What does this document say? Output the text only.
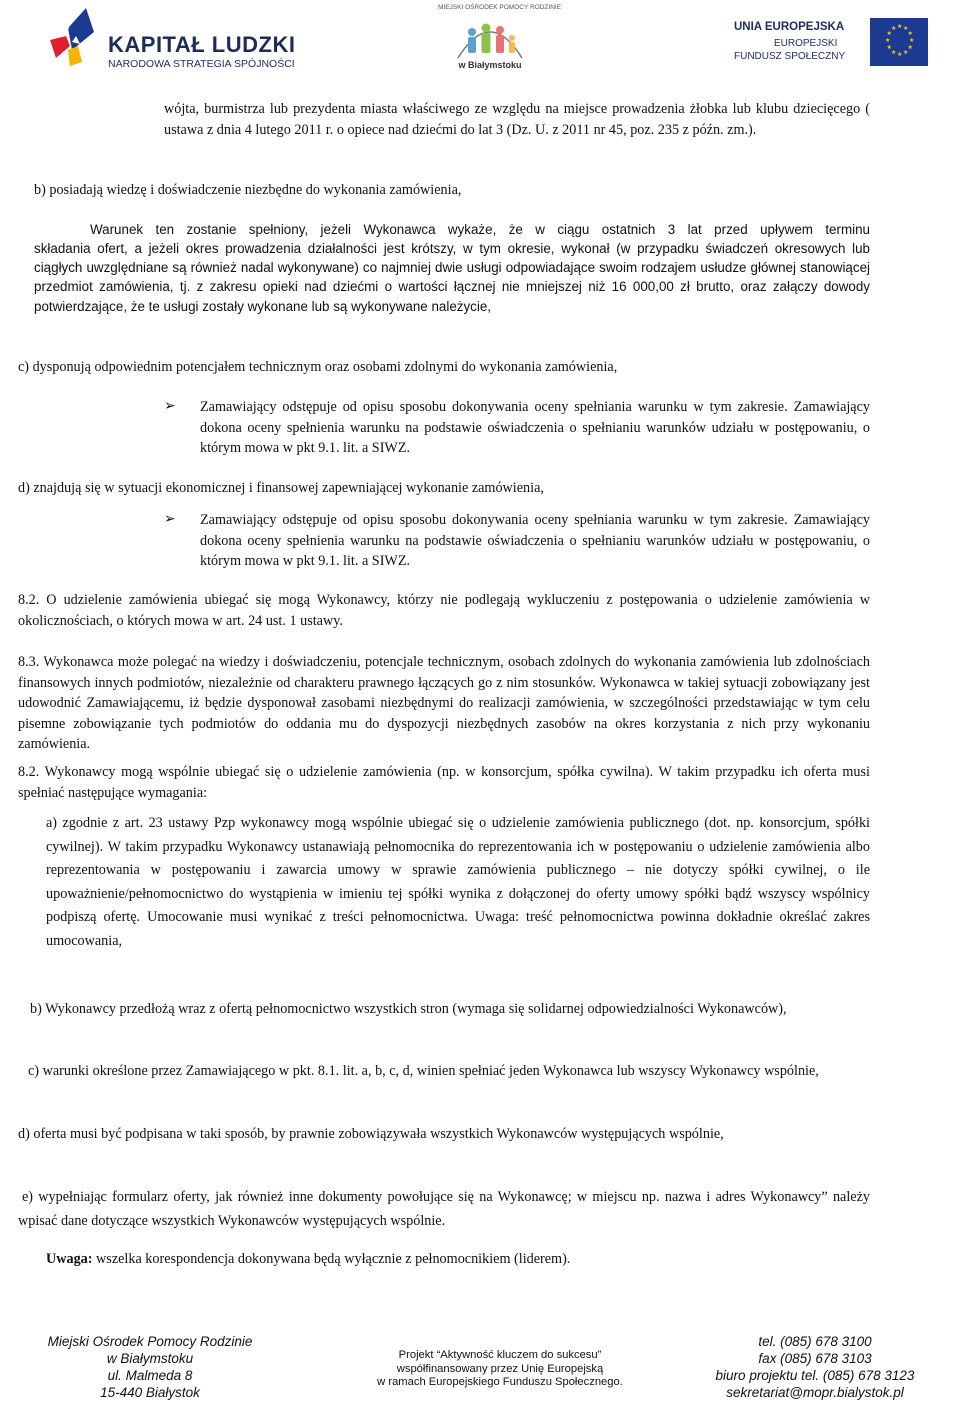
KAPITAŁ LUDZKI
NARODOWA STRATEGIA SPÓJNOŚCI
MIEJSKI OŚRODEK POMOCY RODZINIE
w Białymstoku
UNIA EUROPEJSKA
EUROPEJSKI
FUNDUSZ SPOŁECZNY
★ ★
★
★
★
★
★
★
★
★
★
★

wójta, burmistrza lub prezydenta miasta właściwego ze względu na miejsce prowadzenia żłobka lub klubu dziecięcego ( ustawa z dnia 4 lutego 2011 r. o opiece nad dziećmi do lat 3 (Dz. U. z 2011 nr 45, poz. 235 z późn. zm.).

b) posiadają wiedzę i doświadczenie niezbędne do wykonania zamówienia,

Warunek ten zostanie spełniony, jeżeli Wykonawca wykaże, że w ciągu ostatnich 3 lat przed upływem terminu

składania ofert, a jeżeli okres prowadzenia działalności jest krótszy, w tym okresie, wykonał (w przypadku świadczeń okresowych lub ciągłych uwzględniane są również nadal wykonywane) co najmniej dwie usługi odpowiadające swoim rodzajem usłudze głównej stanowiącej przedmiot zamówienia, tj. z zakresu opieki nad dziećmi o wartości łącznej nie mniejszej niż 16 000,00 zł brutto, oraz załączy dowody potwierdzające, że te usługi zostały wykonane lub są wykonywane należycie,

c) dysponują odpowiednim potencjałem technicznym oraz osobami zdolnymi do wykonania zamówienia,

➢ Zamawiający odstępuje od opisu sposobu dokonywania oceny spełniania warunku w tym zakresie. Zamawiający dokona oceny spełnienia warunku na podstawie oświadczenia o spełnianiu warunków udziału w postępowaniu, o którym mowa w pkt 9.1. lit. a SIWZ.

d) znajdują się w sytuacji ekonomicznej i finansowej zapewniającej wykonanie zamówienia,

➢ Zamawiający odstępuje od opisu sposobu dokonywania oceny spełniania warunku w tym zakresie. Zamawiający dokona oceny spełnienia warunku na podstawie oświadczenia o spełnianiu warunków udziału w postępowaniu, o którym mowa w pkt 9.1. lit. a SIWZ.

8.2. O udzielenie zamówienia ubiegać się mogą Wykonawcy, którzy nie podlegają wykluczeniu z postępowania o udzielenie zamówienia w okolicznościach, o których mowa w art. 24 ust. 1 ustawy.

8.3. Wykonawca może polegać na wiedzy i doświadczeniu, potencjale technicznym, osobach zdolnych do wykonania zamówienia lub zdolnościach finansowych innych podmiotów, niezależnie od charakteru prawnego łączących go z nim stosunków. Wykonawca w takiej sytuacji zobowiązany jest udowodnić Zamawiającemu, iż będzie dysponował zasobami niezbędnymi do realizacji zamówienia, w szczególności przedstawiając w tym celu pisemne zobowiązanie tych podmiotów do oddania mu do dyspozycji niezbędnych zasobów na okres korzystania z nich przy wykonaniu zamówienia.

8.2. Wykonawcy mogą wspólnie ubiegać się o udzielenie zamówienia (np. w konsorcjum, spółka cywilna). W takim przypadku ich oferta musi spełniać następujące wymagania:

a) zgodnie z art. 23 ustawy Pzp wykonawcy mogą wspólnie ubiegać się o udzielenie zamówienia publicznego (dot. np. konsorcjum, spółki cywilnej). W takim przypadku Wykonawcy ustanawiają pełnomocnika do reprezentowania ich w postępowaniu o udzielenie zamówienia albo reprezentowania w postępowaniu i zawarcia umowy w sprawie zamówienia publicznego – nie dotyczy spółki cywilnej, o ile upoważnienie/pełnomocnictwo do wystąpienia w imieniu tej spółki wynika z dołączonej do oferty umowy spółki bądź wszyscy wspólnicy podpiszą ofertę. Umocowanie musi wynikać z treści pełnomocnictwa. Uwaga: treść pełnomocnictwa powinna dokładnie określać zakres umocowania,

b) Wykonawcy przedłożą wraz z ofertą pełnomocnictwo wszystkich stron (wymaga się solidarnej odpowiedzialności Wykonawców),

c) warunki określone przez Zamawiającego w pkt. 8.1. lit. a, b, c, d, winien spełniać jeden Wykonawca lub wszyscy Wykonawcy wspólnie,

d) oferta musi być podpisana w taki sposób, by prawnie zobowiązywała wszystkich Wykonawców występujących wspólnie,

e) wypełniając formularz oferty, jak również inne dokumenty powołujące się na Wykonawcę; w miejscu np. nazwa i adres Wykonawcy” należy wpisać dane dotyczące wszystkich Wykonawców występujących wspólnie.

Uwaga: wszelka korespondencja dokonywana będą wyłącznie z pełnomocnikiem (liderem).

Miejski Ośrodek Pomocy Rodzinie
w Białymstoku
ul. Malmeda 8
15-440 Białystok
Projekt “Aktywność kluczem do sukcesu”
współfinansowany przez Unię Europejską
w ramach Europejskiego Funduszu Społecznego.
tel. (085) 678 3100
fax (085) 678 3103
biuro projektu tel. (085) 678 3123
sekretariat@mopr.bialystok.pl
